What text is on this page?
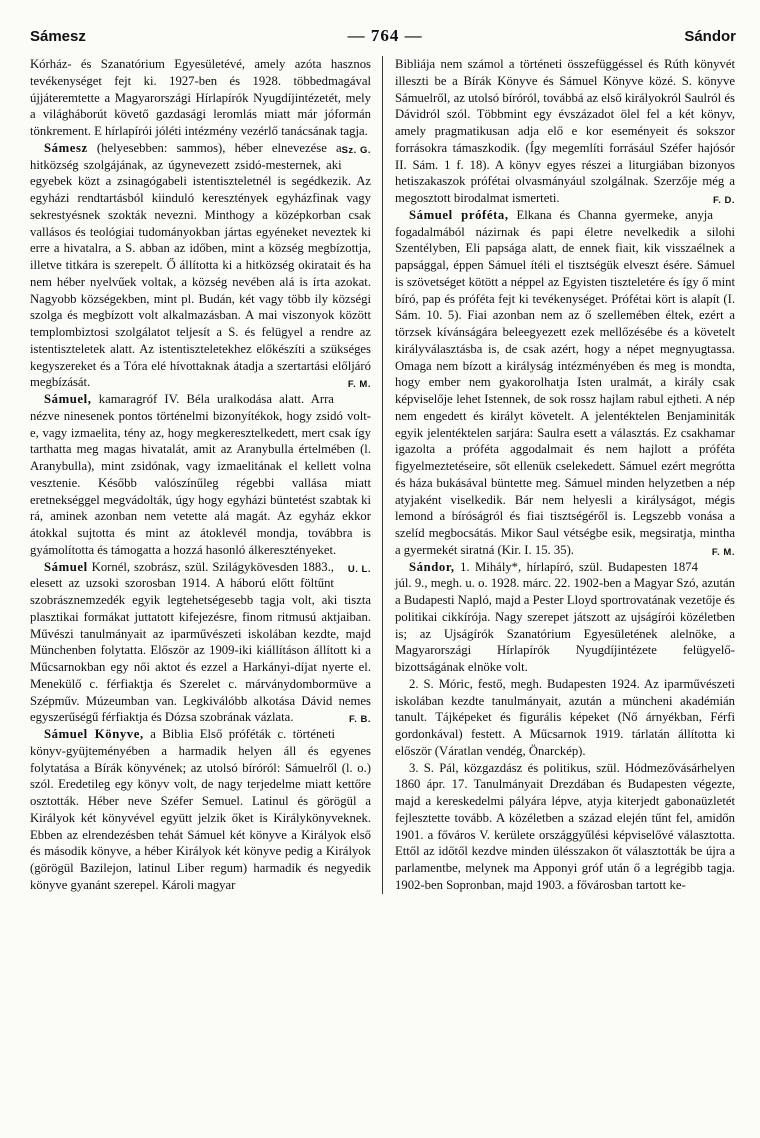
Sámesz	— 764 —	Sándor

Kórház- és Szanatórium Egyesületévé, amely azóta hasznos tevékenységet fejt ki. 1927-ben és 1928. többedmagával újjáteremtette a Magyarországi Hírlapírók Nyugdíjintézetét, mely a világháborút követő gazdasági leromlás miatt már jóformán tönkrement. E hírlapírói jóléti intézmény vezérlő tanácsának tagja.
Sz. G.

Sámesz (helyesebben: sammos), héber elnevezése a hitközség szolgájának, az úgynevezett zsidó-mesternek, aki egyebek közt a zsinagógabeli istentiszteletnél is segédkezik. Az egyházi rendtartásból kiinduló keresztények egyházfinak vagy sekrestyésnek szokták nevezni. Minthogy a középkorban csak vallásos és teológiai tudományokban jártas egyéneket neveztek ki erre a hivatalra, a S. abban az időben, mint a község megbízottja, illetve titkára is szerepelt. Ő állította ki a hitközség okiratait és ha nem héber nyelvűek voltak, a község nevében alá is írta azokat. Nagyobb községekben, mint pl. Budán, két vagy több ily községi szolga és megbízott volt alkalmazásban. A mai viszonyok között templombiztosi szolgálatot teljesít a S. és felügyel a rendre az istentiszteletek alatt. Az istentiszteletekhez előkészíti a szükséges kegyszereket és a Tóra elé hívottaknak átadja a szertartási előljáró megbízását.	F. M.

Sámuel, kamaragróf IV. Béla uralkodása alatt. Arra nézve ninesenek pontos történelmi bizonyítékok, hogy zsidó volt-e, vagy izmaelita, tény az, hogy megkeresztelkedett, mert csak így tarthatta meg magas hivatalát, amit az Aranybulla értelmében (l. Aranybulla), mint zsidónak, vagy izmaelitának el kellett volna vesztenie. Később valószínűleg régebbi vallása miatt eretnekséggel megvádolták, úgy hogy egyházi büntetést szabtak ki rá, aminek azonban nem vetette alá magát. Az egyház ekkor átokkal sujtotta és mint az átoklevél mondja, továbbra is gyámolította és támogatta a hozzá hasonló álkeresztényeket.
U. L.

Sámuel Kornél, szobrász, szül. Szilágykövesden 1883., elesett az uzsoki szorosban 1914. A háború előtt föltűnt szobrásznemzedék egyik legtehetségesebb tagja volt, aki tiszta plasztikai formákat juttatott kifejezésre, finom ritmusú aktjaiban. Művészi tanulmányait az iparművészeti iskolában kezdte, majd Münchenben folytatta. Először az 1909-iki kiállításon állított ki a Műcsarnokban egy női aktot és ezzel a Harkányi-díjat nyerte el. Menekülő c. férfiaktja és Szerelet c. márványdombormüve a Szépműv. Múzeumban van. Legkiválóbb alkotása Dávid nemes egyszerűségű férfiaktja és Dózsa szobrának vázlata.	F. B.

Sámuel Könyve, a Biblia Első próféták c. történeti könyv-gyüjteményében a harmadik helyen áll és egyenes folytatása a Bírák könyvének; az utolsó bíróról: Sámuelről (l. o.) szól. Eredetileg egy könyv volt, de nagy terjedelme miatt kettőre osztották. Héber neve Széfer Semuel. Latinul és görögül a Királyok két könyvével együtt jelzik őket is Királykönyveknek. Ebben az elrendezésben tehát Sámuel két könyve a Királyok első és második könyve, a héber Királyok két könyve pedig a Királyok (görögül Bazilejon, latinul Liber regum) harmadik és negyedik könyve gyanánt szerepel. Károli magyar

Bibliája nem számol a történeti összefüggéssel és Rúth könyvét illeszti be a Bírák Könyve és Sámuel Könyve közé. S. könyve Sámuelről, az utolsó bíróról, továbbá az első királyokról Saulról és Dávidról szól. Többmint egy évszázadot ölel fel a két könyv, amely pragmatikusan adja elő e kor eseményeit és sokszor forrásokra támaszkodik. (Így megemlíti forrásául Széfer hajósór II. Sám. 1 f. 18). A könyv egyes részei a liturgiában bizonyos hetiszakaszok prófétai olvasmányául szolgálnak. Szerzője még a megosztott birodalmat ismerteti.	F. D.

Sámuel próféta, Elkana és Channa gyermeke, anyja fogadalmából názirnak és papi életre nevelkedik a silohi Szentélyben, Eli papsága alatt, de ennek fiait, kik visszaélnek a papsággal, éppen Sámuel ítéli el tisztségük elveszt ésére. Sámuel is szövetséget kötött a néppel az Egyisten tiszteletére és így ő mint bíró, pap és próféta fejt ki tevékenységet. Prófétai kört is alapít (I. Sám. 10. 5). Fiai azonban nem az ő szellemében éltek, ezért a törzsek kívánságára beleegyezett ezek mellőzésébe és a követelt királyválasztásba is, de csak azért, hogy a népet megnyugtassa. Omaga nem bízott a királyság intézményében és meg is mondta, hogy ember nem gyakorolhatja Isten uralmát, a király csak képviselője lehet Istennek, de sok rossz hajlam rabul ejtheti. A nép nem engedett és királyt követelt. A jelentéktelen Benjaminiták egyik jelentéktelen sarjára: Saulra esett a választás. Ez csakhamar igazolta a próféta aggodalmait és nem hajlott a próféta figyelmeztetéseire, sőt ellenük cselekedett. Sámuel ezért megrótta és háza bukásával büntette meg. Sámuel minden helyzetben a nép atyjaként viselkedik. Bár nem helyesli a királyságot, mégis lemond a bíróságról és fiai tisztségéről is. Legszebb vonása a szelíd megbocsátás. Mikor Saul vétségbe esik, megsiratja, mintha a gyermekét siratná (Kir. I. 15. 35).	F. M.

Sándor, 1. Mihály*, hírlapíró, szül. Budapesten 1874 júl. 9., megh. u. o. 1928. márc. 22. 1902-ben a Magyar Szó, azután a Budapesti Napló, majd a Pester Lloyd sportrovatának vezetője és politikai cikkírója. Nagy szerepet játszott az ujságírói közéletben is; az Ujságírók Szanatórium Egyesületének alelnöke, a Magyarországi Hírlapírók Nyugdíjintézete felügyelő-bizottságának elnöke volt.

2. S. Móric, festő, megh. Budapesten 1924. Az iparművészeti iskolában kezdte tanulmányait, azután a müncheni akadémián tanult. Tájképeket és figurális képeket (Nő árnyékban, Férfi gordonkával) festett. A Műcsarnok 1919. tárlatán állította ki először (Váratlan vendég, Önarckép).

3. S. Pál, közgazdász és politikus, szül. Hódmezővásárhelyen 1860 ápr. 17. Tanulmányait Drezdában és Budapesten végezte, majd a kereskedelmi pályára lépve, atyja kiterjedt gabonaüzletét fejlesztette tovább. A közéletben a század elején tűnt fel, amidőn 1901. a főváros V. kerülete országgyűlési képviselővé választotta. Ettől az időtől kezdve minden ülésszakon őt választották be újra a parlamentbe, melynek ma Apponyi gróf után ő a legrégibb tagja. 1902-ben Sopronban, majd 1903. a fővárosban tartott ke-
